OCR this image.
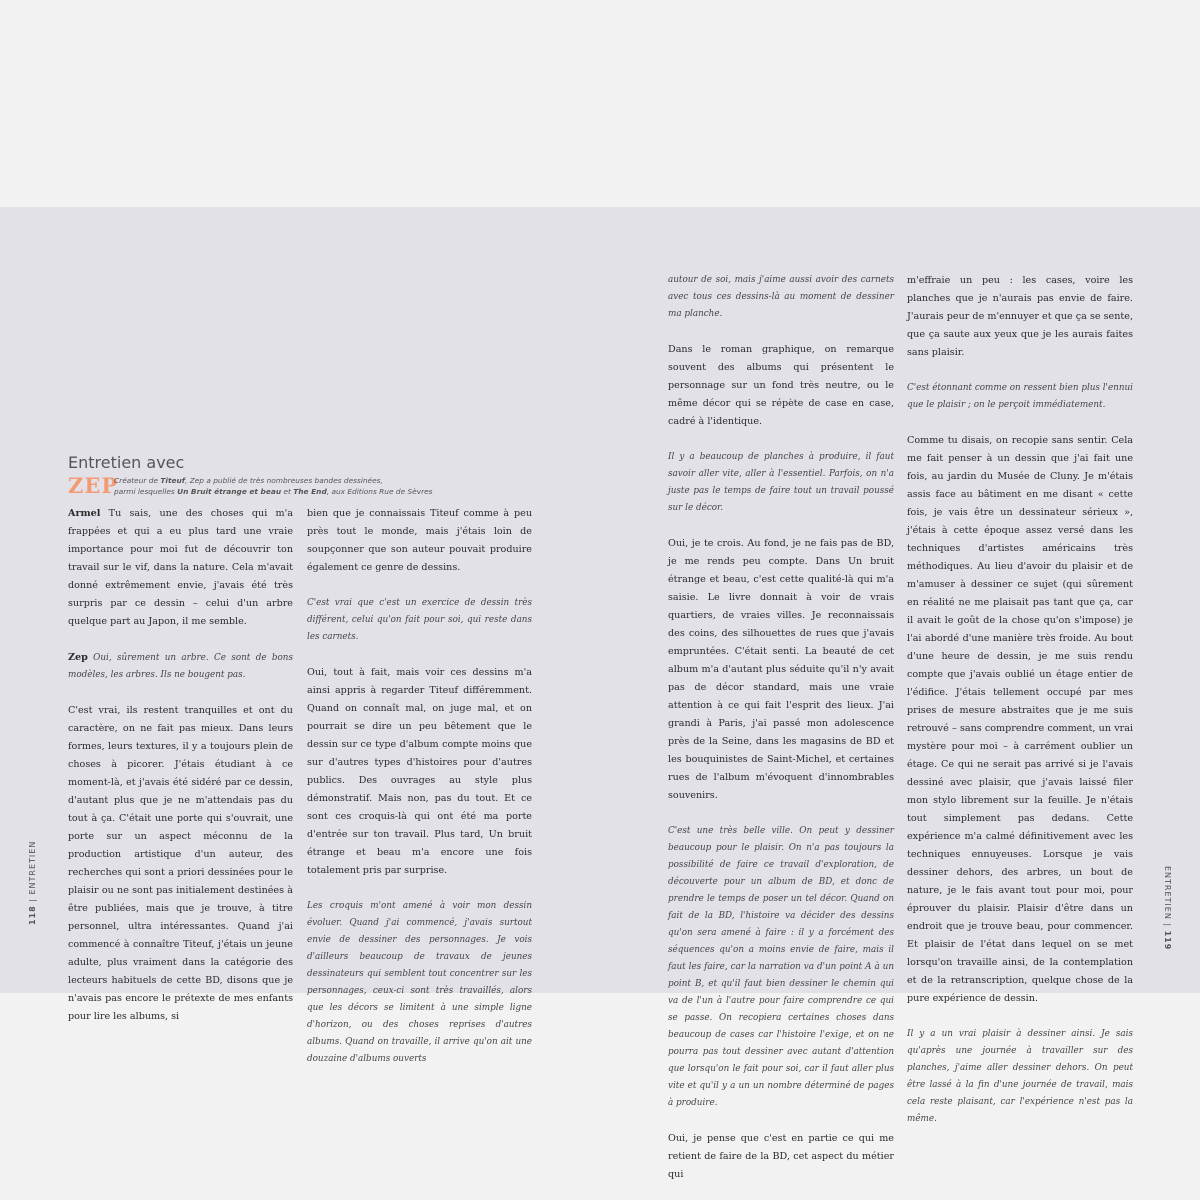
Entretien avec
ZEP
Créateur de Titeuf, Zep a publié de très nombreuses bandes dessinées,
parmi lesquelles Un Bruit étrange et beau et The End, aux Editions Rue de Sèvres

Armel Tu sais, une des choses qui m'a frappées et qui a eu plus tard une vraie importance pour moi fut de découvrir ton travail sur le vif, dans la nature. Cela m'avait donné extrêmement envie, j'avais été très surpris par ce dessin – celui d'un arbre quelque part au Japon, il me semble.

Zep Oui, sûrement un arbre. Ce sont de bons modèles, les arbres. Ils ne bougent pas.

C'est vrai, ils restent tranquilles et ont du caractère, on ne fait pas mieux. Dans leurs formes, leurs textures, il y a toujours plein de choses à picorer. J'étais étudiant à ce moment-là, et j'avais été sidéré par ce dessin, d'autant plus que je ne m'attendais pas du tout à ça. C'était une porte qui s'ouvrait, une porte sur un aspect méconnu de la production artistique d'un auteur, des recherches qui sont a priori dessinées pour le plaisir ou ne sont pas initialement destinées à être publiées, mais que je trouve, à titre personnel, ultra intéressantes. Quand j'ai commencé à connaître Titeuf, j'étais un jeune adulte, plus vraiment dans la catégorie des lecteurs habituels de cette BD, disons que je n'avais pas encore le prétexte de mes enfants pour lire les albums, si

bien que je connaissais Titeuf comme à peu près tout le monde, mais j'étais loin de soupçonner que son auteur pouvait produire également ce genre de dessins.

C'est vrai que c'est un exercice de dessin très différent, celui qu'on fait pour soi, qui reste dans les carnets.

Oui, tout à fait, mais voir ces dessins m'a ainsi appris à regarder Titeuf différemment. Quand on connaît mal, on juge mal, et on pourrait se dire un peu bêtement que le dessin sur ce type d'album compte moins que sur d'autres types d'histoires pour d'autres publics. Des ouvrages au style plus démonstratif. Mais non, pas du tout. Et ce sont ces croquis-là qui ont été ma porte d'entrée sur ton travail. Plus tard, Un bruit étrange et beau m'a encore une fois totalement pris par surprise.

Les croquis m'ont amené à voir mon dessin évoluer. Quand j'ai commencé, j'avais surtout envie de dessiner des personnages. Je vois d'ailleurs beaucoup de travaux de jeunes dessinateurs qui semblent tout concentrer sur les personnages, ceux-ci sont très travaillés, alors que les décors se limitent à une simple ligne d'horizon, ou des choses reprises d'autres albums. Quand on travaille, il arrive qu'on ait une douzaine d'albums ouverts

autour de soi, mais j'aime aussi avoir des carnets avec tous ces dessins-là au moment de dessiner ma planche.

Dans le roman graphique, on remarque souvent des albums qui présentent le personnage sur un fond très neutre, ou le même décor qui se répète de case en case, cadré à l'identique.

Il y a beaucoup de planches à produire, il faut savoir aller vite, aller à l'essentiel. Parfois, on n'a juste pas le temps de faire tout un travail poussé sur le décor.

Oui, je te crois. Au fond, je ne fais pas de BD, je me rends peu compte. Dans Un bruit étrange et beau, c'est cette qualité-là qui m'a saisie. Le livre donnait à voir de vrais quartiers, de vraies villes. Je reconnaissais des coins, des silhouettes de rues que j'avais empruntées. C'était senti. La beauté de cet album m'a d'autant plus séduite qu'il n'y avait pas de décor standard, mais une vraie attention à ce qui fait l'esprit des lieux. J'ai grandi à Paris, j'ai passé mon adolescence près de la Seine, dans les magasins de BD et les bouquinistes de Saint-Michel, et certaines rues de l'album m'évoquent d'innombrables souvenirs.

C'est une très belle ville. On peut y dessiner beaucoup pour le plaisir. On n'a pas toujours la possibilité de faire ce travail d'exploration, de découverte pour un album de BD, et donc de prendre le temps de poser un tel décor. Quand on fait de la BD, l'histoire va décider des dessins qu'on sera amené à faire : il y a forcément des séquences qu'on a moins envie de faire, mais il faut les faire, car la narration va d'un point A à un point B, et qu'il faut bien dessiner le chemin qui va de l'un à l'autre pour faire comprendre ce qui se passe. On recopiera certaines choses dans beaucoup de cases car l'histoire l'exige, et on ne pourra pas tout dessiner avec autant d'attention que lorsqu'on le fait pour soi, car il faut aller plus vite et qu'il y a un un nombre déterminé de pages à produire.

Oui, je pense que c'est en partie ce qui me retient de faire de la BD, cet aspect du métier qui

m'effraie un peu : les cases, voire les planches que je n'aurais pas envie de faire. J'aurais peur de m'ennuyer et que ça se sente, que ça saute aux yeux que je les aurais faites sans plaisir.

C'est étonnant comme on ressent bien plus l'ennui que le plaisir ; on le perçoit immédiatement.

Comme tu disais, on recopie sans sentir. Cela me fait penser à un dessin que j'ai fait une fois, au jardin du Musée de Cluny. Je m'étais assis face au bâtiment en me disant « cette fois, je vais être un dessinateur sérieux », j'étais à cette époque assez versé dans les techniques d'artistes américains très méthodiques. Au lieu d'avoir du plaisir et de m'amuser à dessiner ce sujet (qui sûrement en réalité ne me plaisait pas tant que ça, car il avait le goût de la chose qu'on s'impose) je l'ai abordé d'une manière très froide. Au bout d'une heure de dessin, je me suis rendu compte que j'avais oublié un étage entier de l'édifice. J'étais tellement occupé par mes prises de mesure abstraites que je me suis retrouvé – sans comprendre comment, un vrai mystère pour moi – à carrément oublier un étage. Ce qui ne serait pas arrivé si je l'avais dessiné avec plaisir, que j'avais laissé filer mon stylo librement sur la feuille. Je n'étais tout simplement pas dedans. Cette expérience m'a calmé définitivement avec les techniques ennuyeuses. Lorsque je vais dessiner dehors, des arbres, un bout de nature, je le fais avant tout pour moi, pour éprouver du plaisir. Plaisir d'être dans un endroit que je trouve beau, pour commencer. Et plaisir de l'état dans lequel on se met lorsqu'on travaille ainsi, de la contemplation et de la retranscription, quelque chose de la pure expérience de dessin.

Il y a un vrai plaisir à dessiner ainsi. Je sais qu'après une journée à travailler sur des planches, j'aime aller dessiner dehors. On peut être lassé à la fin d'une journée de travail, mais cela reste plaisant, car l'expérience n'est pas la même.

118 | ENTRETIEN	ENTRETIEN | 119
